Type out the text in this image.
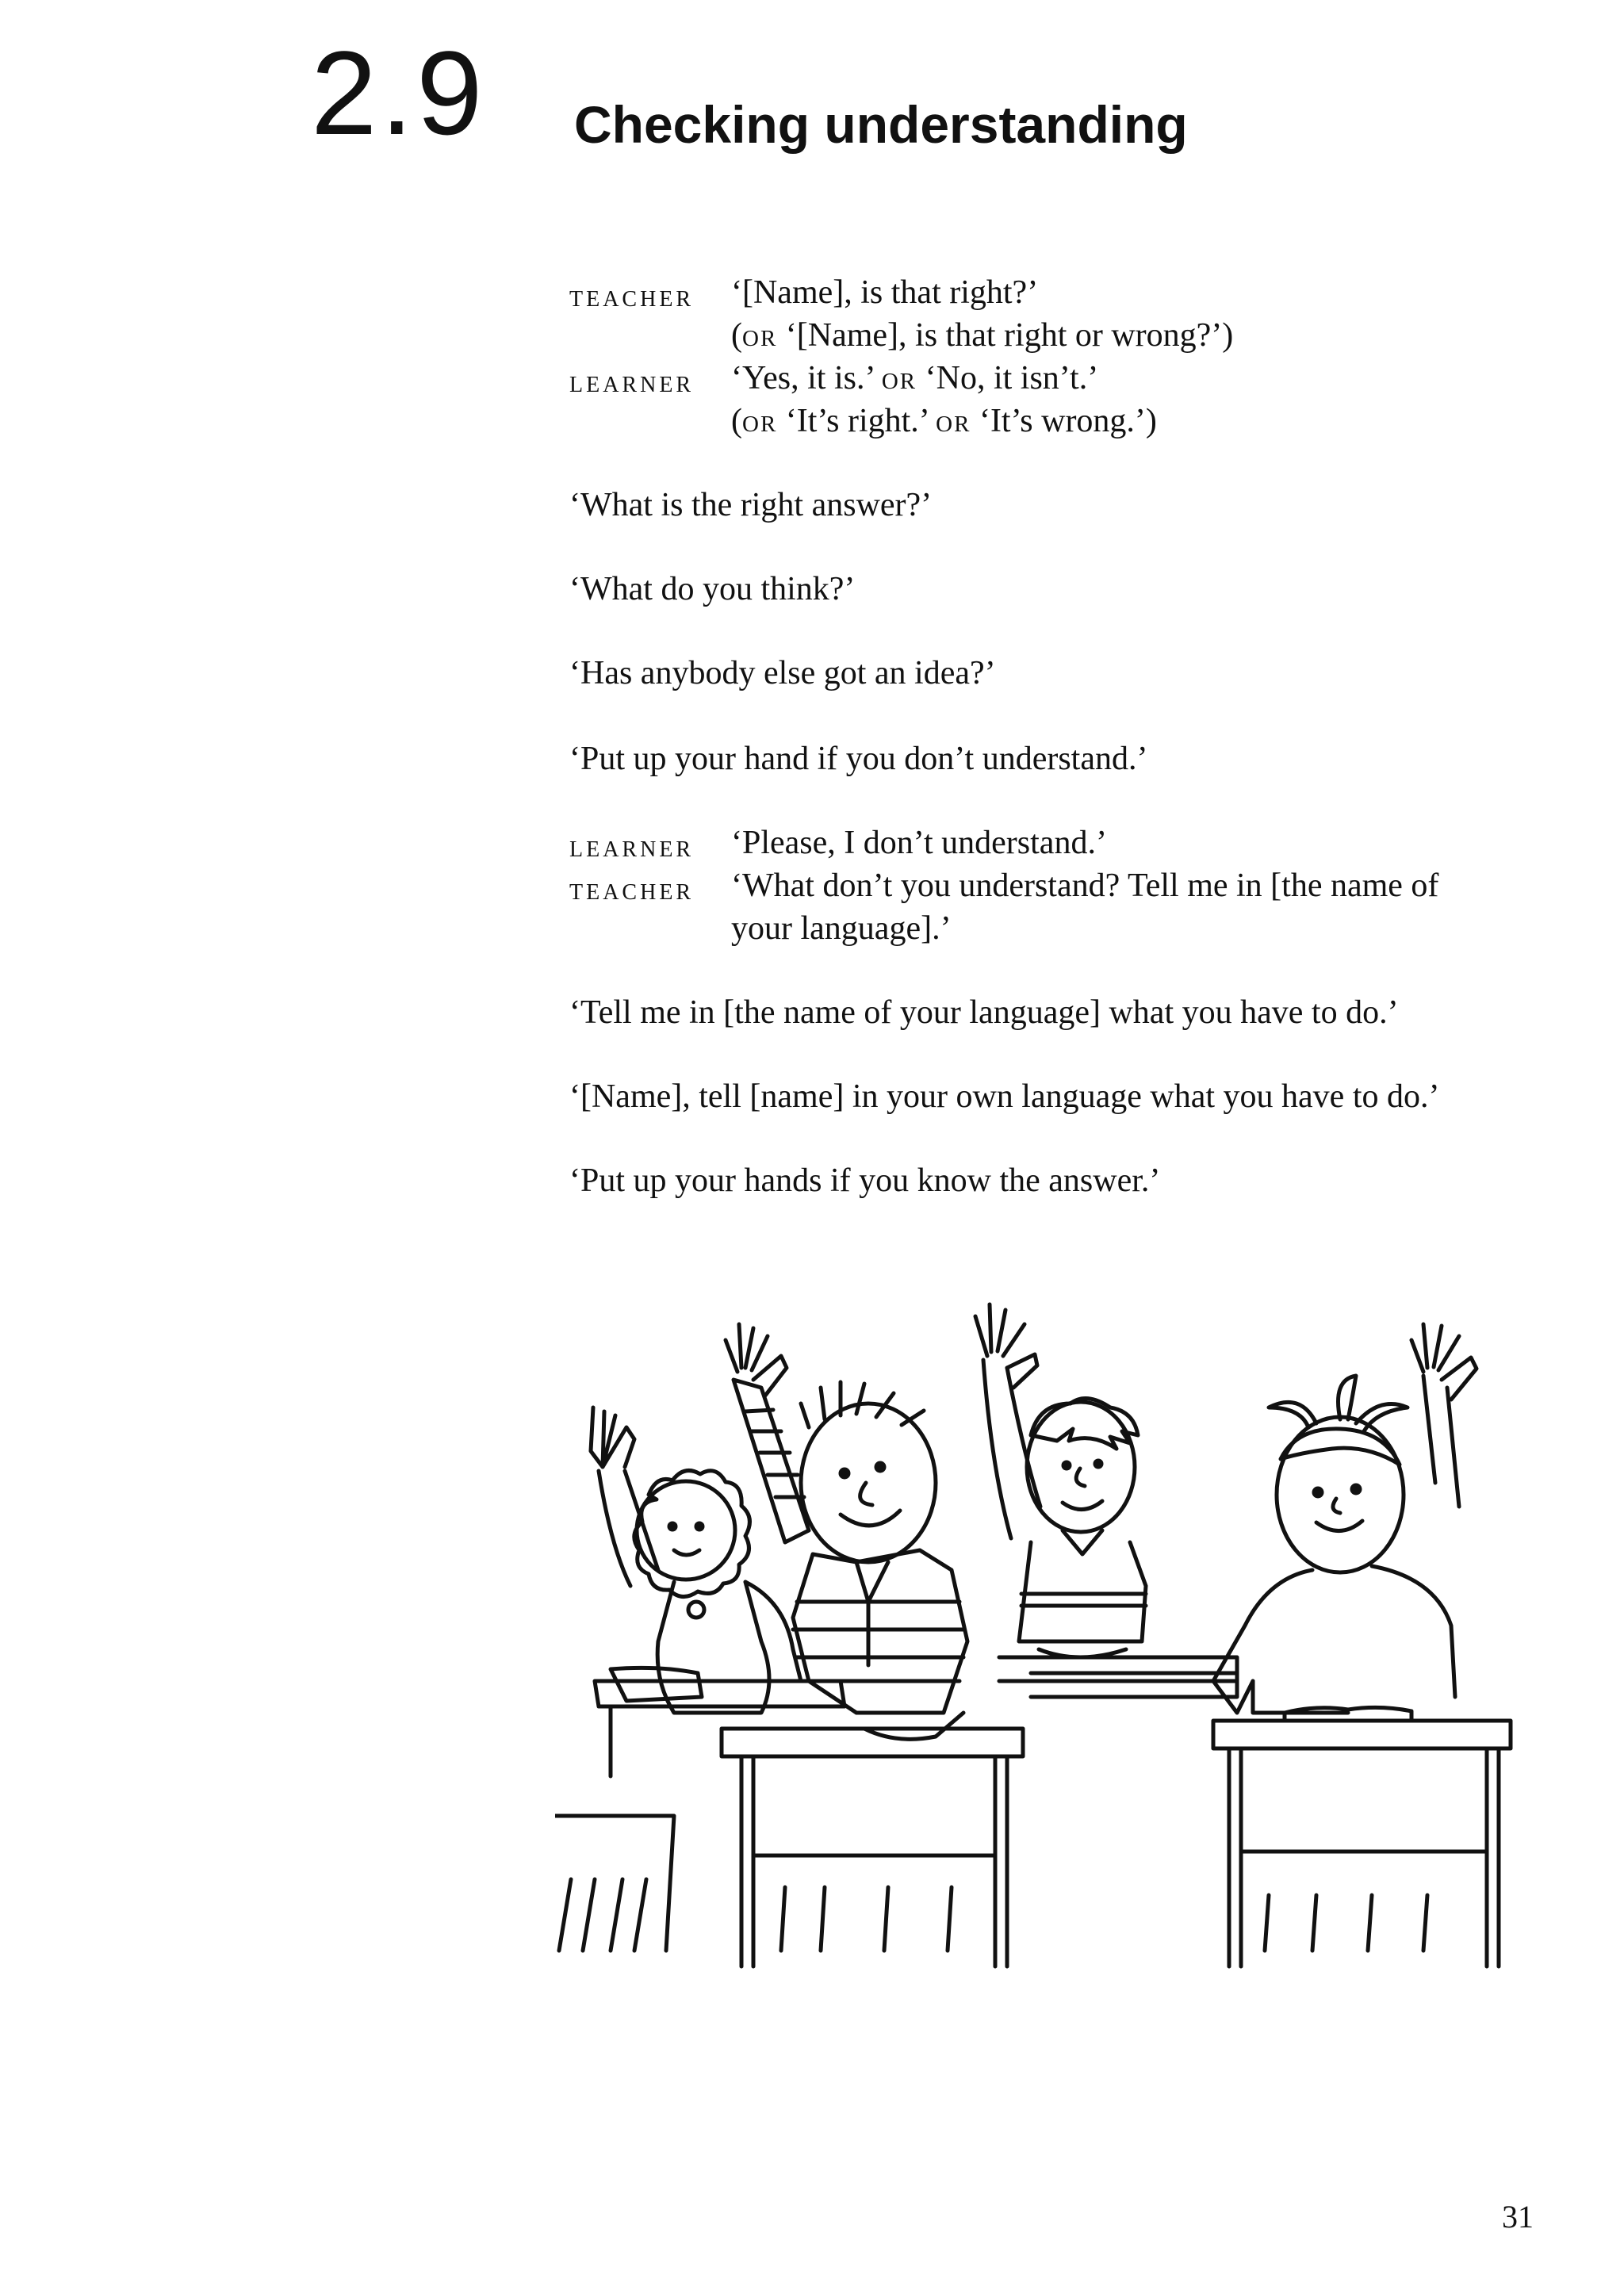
2.9 Checking understanding
teacher ‘[Name], is that right?’
(or ‘[Name], is that right or wrong?’)
learner ‘Yes, it is.’ or ‘No, it isn’t.’
(or ‘It’s right.’ or ‘It’s wrong.’)
‘What is the right answer?’
‘What do you think?’
‘Has anybody else got an idea?’
‘Put up your hand if you don’t understand.’
learner ‘Please, I don’t understand.’
teacher ‘What don’t you understand? Tell me in [the name of
your language].’
‘Tell me in [the name of your language] what you have to do.’
‘[Name], tell [name] in your own language what you have to do.’
‘Put up your hands if you know the answer.’
31
